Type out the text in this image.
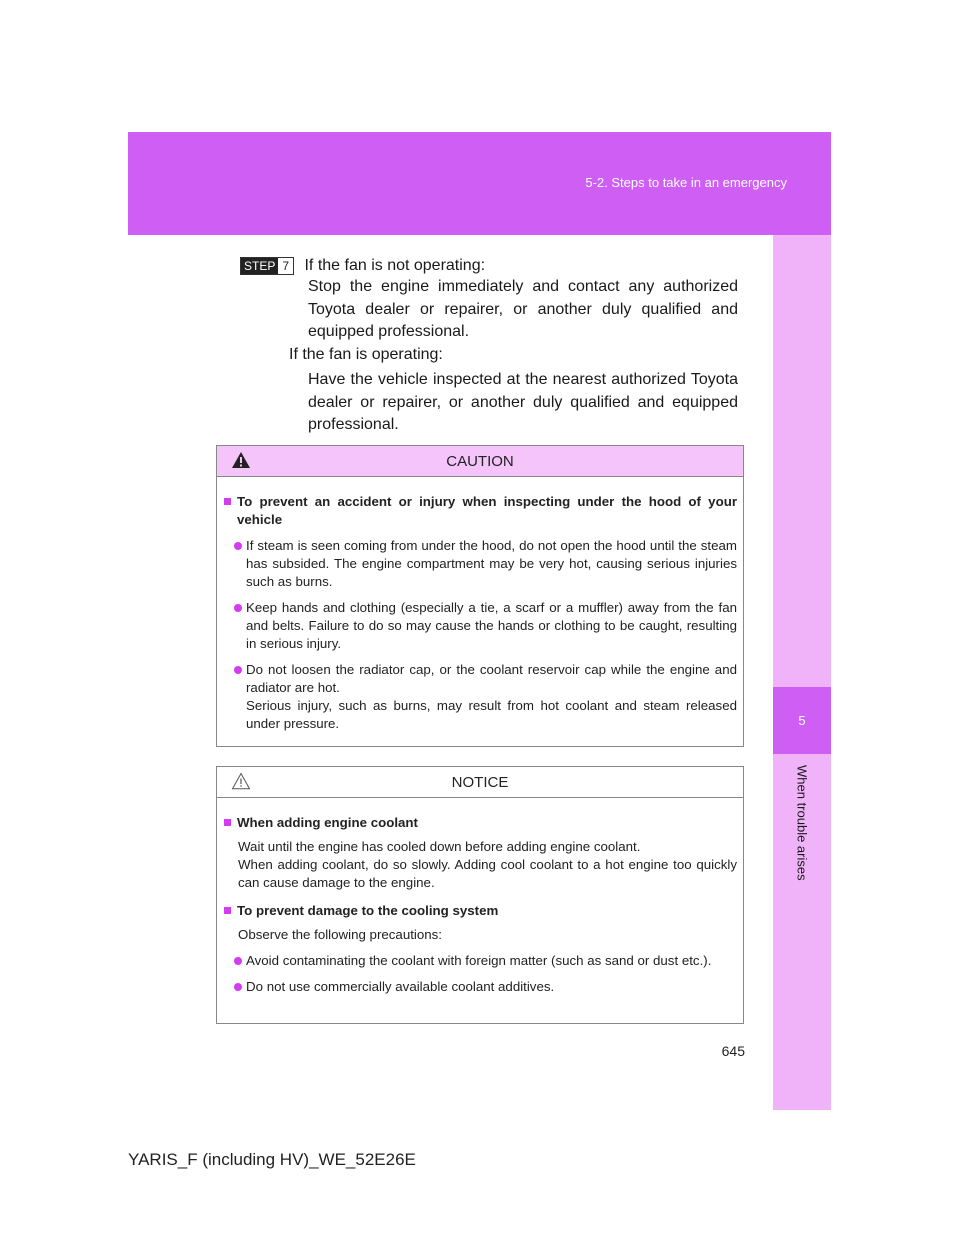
5-2. Steps to take in an emergency
5
When trouble arises
STEP 7 If the fan is not operating:
Stop the engine immediately and contact any authorized Toyota dealer or repairer, or another duly qualified and equipped professional.
If the fan is operating:
Have the vehicle inspected at the nearest authorized Toyota dealer or repairer, or another duly qualified and equipped professional.
CAUTION
To prevent an accident or injury when inspecting under the hood of your vehicle
If steam is seen coming from under the hood, do not open the hood until the steam has subsided. The engine compartment may be very hot, causing serious injuries such as burns.
Keep hands and clothing (especially a tie, a scarf or a muffler) away from the fan and belts. Failure to do so may cause the hands or clothing to be caught, resulting in serious injury.
Do not loosen the radiator cap, or the coolant reservoir cap while the engine and radiator are hot.
Serious injury, such as burns, may result from hot coolant and steam released under pressure.
NOTICE
When adding engine coolant
Wait until the engine has cooled down before adding engine coolant.
When adding coolant, do so slowly. Adding cool coolant to a hot engine too quickly can cause damage to the engine.
To prevent damage to the cooling system
Observe the following precautions:
Avoid contaminating the coolant with foreign matter (such as sand or dust etc.).
Do not use commercially available coolant additives.
645
YARIS_F (including HV)_WE_52E26E
